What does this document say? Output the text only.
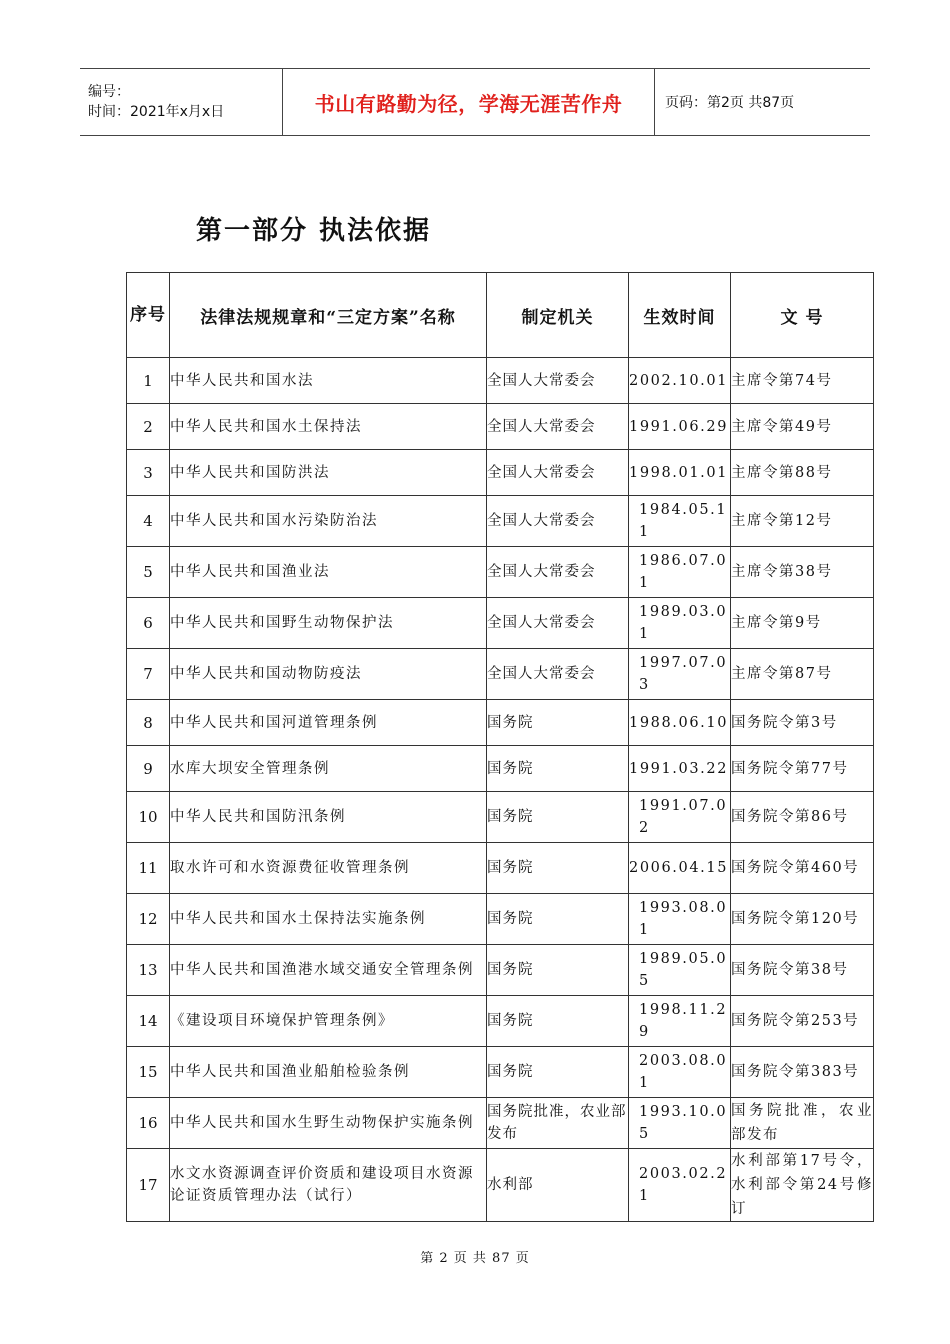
编号：
时间：2021年x月x日	书山有路勤为径，学海无涯苦作舟	页码：第2页 共87页
第一部分 执法依据
序号	法律法规规章和“三定方案”名称	制定机关	生效时间	文 号
1	中华人民共和国水法	全国人大常委会	2002.10.01	主席令第74号
2	中华人民共和国水土保持法	全国人大常委会	1991.06.29	主席令第49号
3	中华人民共和国防洪法	全国人大常委会	1998.01.01	主席令第88号
4	中华人民共和国水污染防治法	全国人大常委会	1984.05.11	主席令第12号
5	中华人民共和国渔业法	全国人大常委会	1986.07.01	主席令第38号
6	中华人民共和国野生动物保护法	全国人大常委会	1989.03.01	主席令第9号
7	中华人民共和国动物防疫法	全国人大常委会	1997.07.03	主席令第87号
8	中华人民共和国河道管理条例	国务院	1988.06.10	国务院令第3号
9	水库大坝安全管理条例	国务院	1991.03.22	国务院令第77号
10	中华人民共和国防汛条例	国务院	1991.07.02	国务院令第86号
11	取水许可和水资源费征收管理条例	国务院	2006.04.15	国务院令第460号
12	中华人民共和国水土保持法实施条例	国务院	1993.08.01	国务院令第120号
13	中华人民共和国渔港水域交通安全管理条例	国务院	1989.05.05	国务院令第38号
14	《建设项目环境保护管理条例》	国务院	1998.11.29	国务院令第253号
15	中华人民共和国渔业船舶检验条例	国务院	2003.08.01	国务院令第383号
16	中华人民共和国水生野生动物保护实施条例	国务院批准，农业部发布	1993.10.05	国务院批准，农业部发布
17	水文水资源调查评价资质和建设项目水资源论证资质管理办法（试行）	水利部	2003.02.21	水利部第17号令，水利部令第24号修订
第 2 页 共 87 页
